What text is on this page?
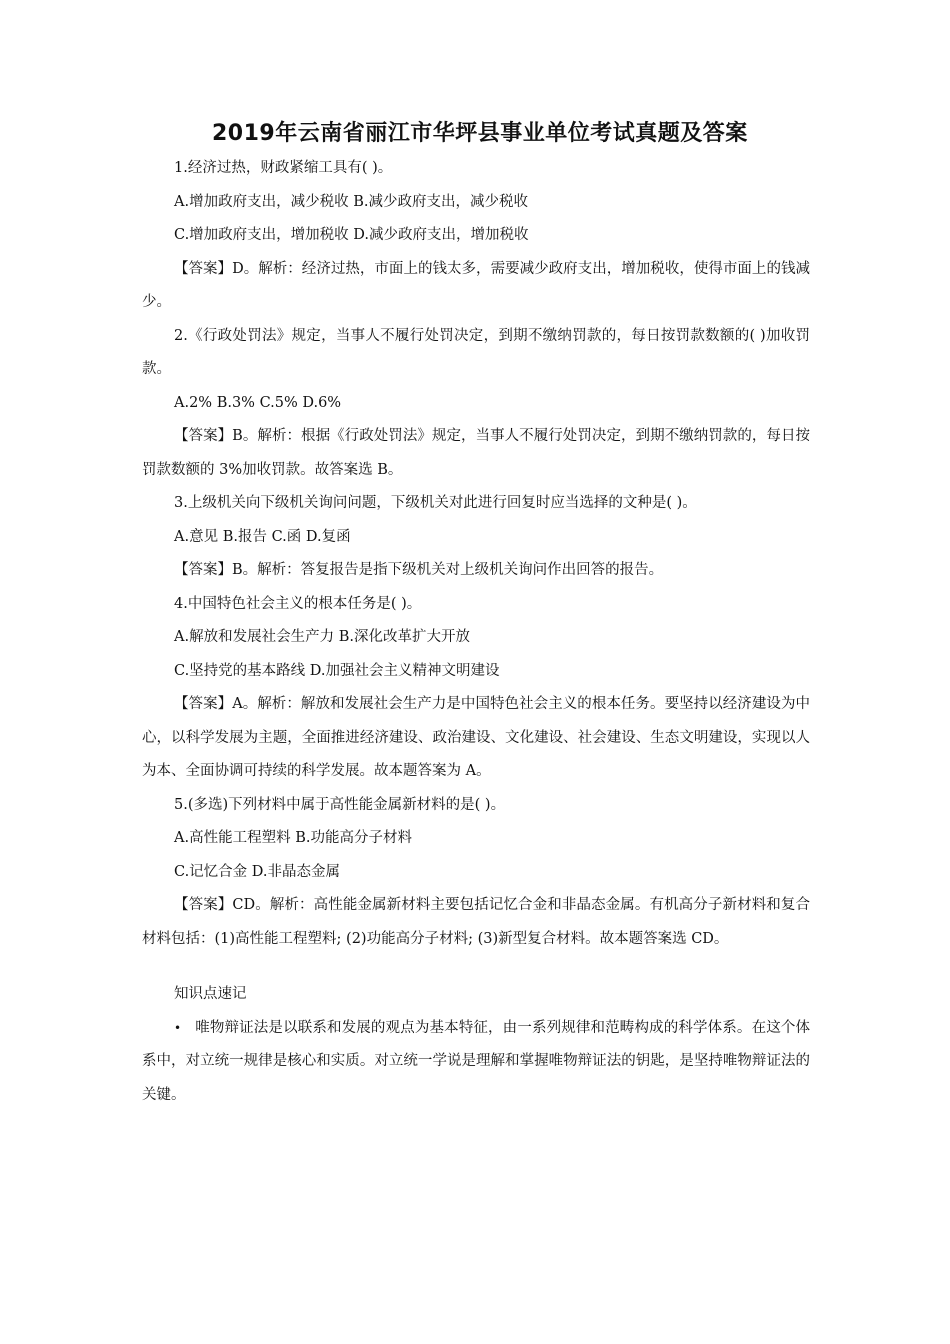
2019年云南省丽江市华坪县事业单位考试真题及答案
1.经济过热，财政紧缩工具有( )。
A.增加政府支出，减少税收 B.减少政府支出，减少税收
C.增加政府支出，增加税收 D.减少政府支出，增加税收
【答案】D。解析：经济过热，市面上的钱太多，需要减少政府支出，增加税收，使得市面上的钱减少。
2.《行政处罚法》规定，当事人不履行处罚决定，到期不缴纳罚款的，每日按罚款数额的( )加收罚款。
A.2% B.3% C.5% D.6%
【答案】B。解析：根据《行政处罚法》规定，当事人不履行处罚决定，到期不缴纳罚款的，每日按罚款数额的 3%加收罚款。故答案选 B。
3.上级机关向下级机关询问问题，下级机关对此进行回复时应当选择的文种是( )。
A.意见 B.报告 C.函 D.复函
【答案】B。解析：答复报告是指下级机关对上级机关询问作出回答的报告。
4.中国特色社会主义的根本任务是( )。
A.解放和发展社会生产力 B.深化改革扩大开放
C.坚持党的基本路线 D.加强社会主义精神文明建设
【答案】A。解析：解放和发展社会生产力是中国特色社会主义的根本任务。要坚持以经济建设为中心，以科学发展为主题，全面推进经济建设、政治建设、文化建设、社会建设、生态文明建设，实现以人为本、全面协调可持续的科学发展。故本题答案为 A。
5.(多选)下列材料中属于高性能金属新材料的是( )。
A.高性能工程塑料 B.功能高分子材料
C.记忆合金 D.非晶态金属
【答案】CD。解析：高性能金属新材料主要包括记忆合金和非晶态金属。有机高分子新材料和复合材料包括：(1)高性能工程塑料; (2)功能高分子材料; (3)新型复合材料。故本题答案选 CD。
知识点速记
• 唯物辩证法是以联系和发展的观点为基本特征，由一系列规律和范畴构成的科学体系。在这个体系中，对立统一规律是核心和实质。对立统一学说是理解和掌握唯物辩证法的钥匙，是坚持唯物辩证法的关键。
